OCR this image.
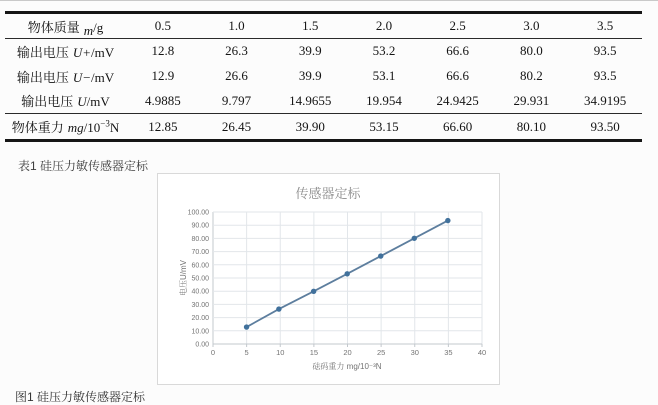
物体质量 m/g	0.5	1.0	1.5	2.0	2.5	3.0	3.5
输出电压 U+/mV	12.8	26.3	39.9	53.2	66.6	80.0	93.5
输出电压 U−/mV	12.9	26.6	39.9	53.1	66.6	80.2	93.5
输出电压 U/mV	4.9885	9.797	14.9655	19.954	24.9425	29.931	34.9195
物体重力 $mg/10^{-3}N$	12.85	26.45	39.90	53.15	66.60	80.10	93.50
表1 硅压力敏传感器定标
0	5	10	15	20	25	30	35	40
0.00
10.00
20.00
30.00
40.00
50.00
60.00
70.00
80.00
90.00
100.00
传感器定标
电压U/mV
砝码重力 mg/10⁻³N
图1 硅压力敏传感器定标
